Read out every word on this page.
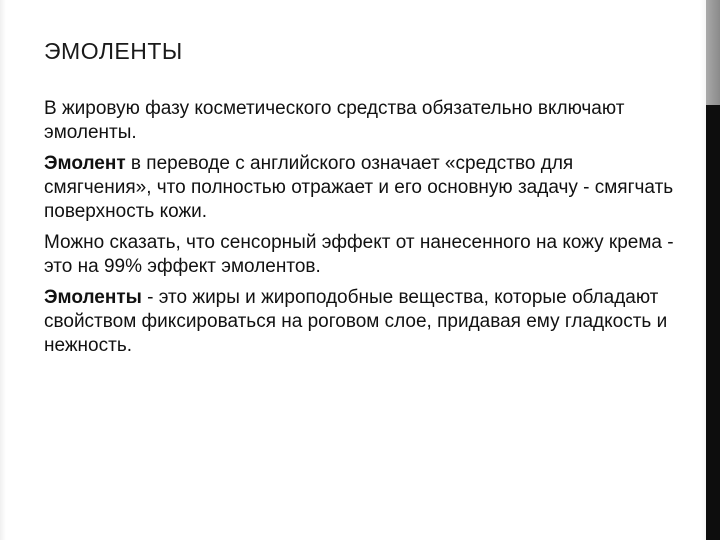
ЭМОЛЕНТЫ

В жировую фазу косметического средства обязательно включают эмоленты.

Эмолент в переводе с английского означает «средство для смягчения», что полностью отражает и его основную задачу - смягчать поверхность кожи.

Можно сказать, что сенсорный эффект от нанесенного на кожу крема - это на 99% эффект эмолентов.

Эмоленты - это жиры и жироподобные вещества, которые обладают свойством фиксироваться на роговом слое, придавая ему гладкость и нежность.
